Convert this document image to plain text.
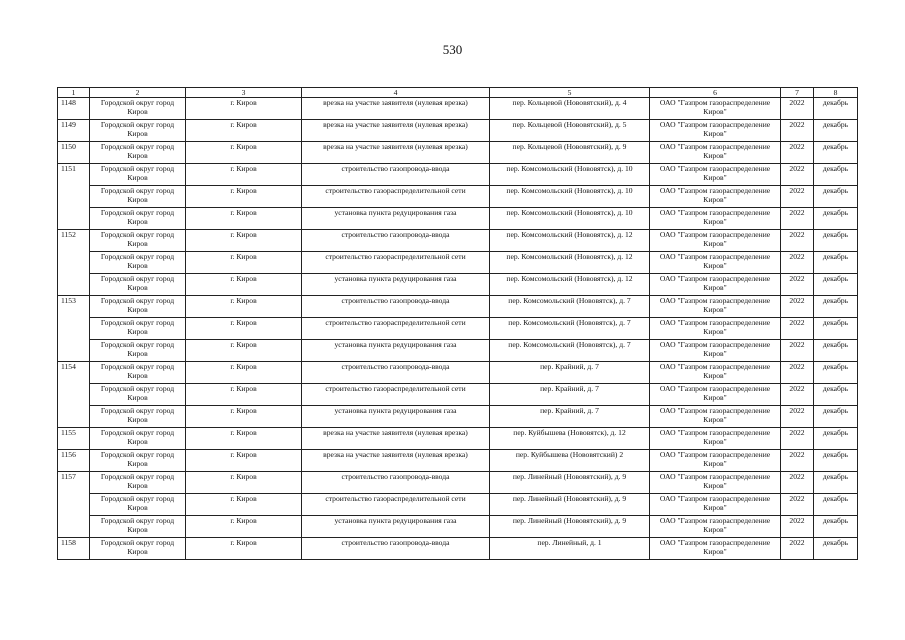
530
1	2	3	4	5	6	7	8
1148	Городской округ город Киров	г. Киров	врезка на участке заявителя (нулевая врезка)	пер. Кольцевой (Нововятский), д. 4	ОАО "Газпром газораспределение Киров"	2022	декабрь
1149	Городской округ город Киров	г. Киров	врезка на участке заявителя (нулевая врезка)	пер. Кольцевой (Нововятский), д. 5	ОАО "Газпром газораспределение Киров"	2022	декабрь
1150	Городской округ город Киров	г. Киров	врезка на участке заявителя (нулевая врезка)	пер. Кольцевой (Нововятский), д. 9	ОАО "Газпром газораспределение Киров"	2022	декабрь
1151	Городской округ город Киров	г. Киров	строительство газопровода-ввода	пер. Комсомольский (Нововятск), д. 10	ОАО "Газпром газораспределение Киров"	2022	декабрь
	Городской округ город Киров	г. Киров	строительство газораспределительной сети	пер. Комсомольский (Нововятск), д. 10	ОАО "Газпром газораспределение Киров"	2022	декабрь
	Городской округ город Киров	г. Киров	установка пункта редуцирования газа	пер. Комсомольский (Нововятск), д. 10	ОАО "Газпром газораспределение Киров"	2022	декабрь
1152	Городской округ город Киров	г. Киров	строительство газопровода-ввода	пер. Комсомольский (Нововятск), д. 12	ОАО "Газпром газораспределение Киров"	2022	декабрь
	Городской округ город Киров	г. Киров	строительство газораспределительной сети	пер. Комсомольский (Нововятск), д. 12	ОАО "Газпром газораспределение Киров"	2022	декабрь
	Городской округ город Киров	г. Киров	установка пункта редуцирования газа	пер. Комсомольский (Нововятск), д. 12	ОАО "Газпром газораспределение Киров"	2022	декабрь
1153	Городской округ город Киров	г. Киров	строительство газопровода-ввода	пер. Комсомольский (Нововятск), д. 7	ОАО "Газпром газораспределение Киров"	2022	декабрь
	Городской округ город Киров	г. Киров	строительство газораспределительной сети	пер. Комсомольский (Нововятск), д. 7	ОАО "Газпром газораспределение Киров"	2022	декабрь
	Городской округ город Киров	г. Киров	установка пункта редуцирования газа	пер. Комсомольский (Нововятск), д. 7	ОАО "Газпром газораспределение Киров"	2022	декабрь
1154	Городской округ город Киров	г. Киров	строительство газопровода-ввода	пер. Крайний, д. 7	ОАО "Газпром газораспределение Киров"	2022	декабрь
	Городской округ город Киров	г. Киров	строительство газораспределительной сети	пер. Крайний, д. 7	ОАО "Газпром газораспределение Киров"	2022	декабрь
	Городской округ город Киров	г. Киров	установка пункта редуцирования газа	пер. Крайний, д. 7	ОАО "Газпром газораспределение Киров"	2022	декабрь
1155	Городской округ город Киров	г. Киров	врезка на участке заявителя (нулевая врезка)	пер. Куйбышева (Нововятск), д. 12	ОАО "Газпром газораспределение Киров"	2022	декабрь
1156	Городской округ город Киров	г. Киров	врезка на участке заявителя (нулевая врезка)	пер. Куйбышева (Нововятский) 2	ОАО "Газпром газораспределение Киров"	2022	декабрь
1157	Городской округ город Киров	г. Киров	строительство газопровода-ввода	пер. Линейный (Нововятский), д. 9	ОАО "Газпром газораспределение Киров"	2022	декабрь
	Городской округ город Киров	г. Киров	строительство газораспределительной сети	пер. Линейный (Нововятский), д. 9	ОАО "Газпром газораспределение Киров"	2022	декабрь
	Городской округ город Киров	г. Киров	установка пункта редуцирования газа	пер. Линейный (Нововятский), д. 9	ОАО "Газпром газораспределение Киров"	2022	декабрь
1158	Городской округ город Киров	г. Киров	строительство газопровода-ввода	пер. Линейный, д. 1	ОАО "Газпром газораспределение Киров"	2022	декабрь
